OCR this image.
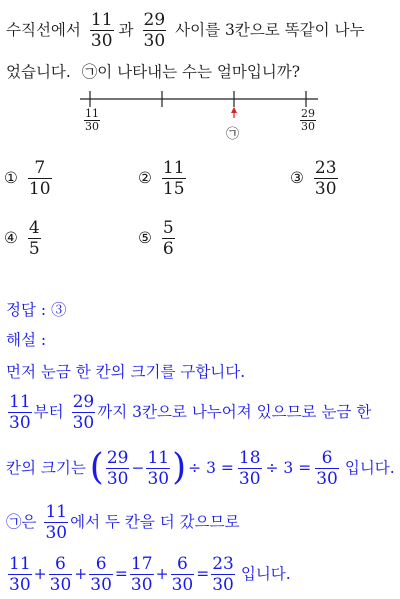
수직선에서
11
30
과
29
30
사이를 3칸으로 똑같이 나누
었습니다. ㉠이 나타내는 수는 얼마입니까?
11
30
㉠
29
30
①
7
10
②
11
15
③
23
30
④
4
5
⑤
5
6
정답 : ③
해설 :
먼저 눈금 한 칸의 크기를 구합니다.
11
30
부터
29
30
까지 3칸으로 나누어져 있으므로 눈금 한
칸의 크기는 ( 29
30
− $\frac{11}{30}$ ) ÷ $3 = \frac{18}{30} \div 3 = \frac{6}{30}$ 입니다.
㉠은
11
30
에서 두 칸을 더 갔으므로
11
30
+ $\frac{6}{30} + \frac{6}{30} = \frac{17}{30} + \frac{6}{30} = \frac{23}{30}$ 입니다.
